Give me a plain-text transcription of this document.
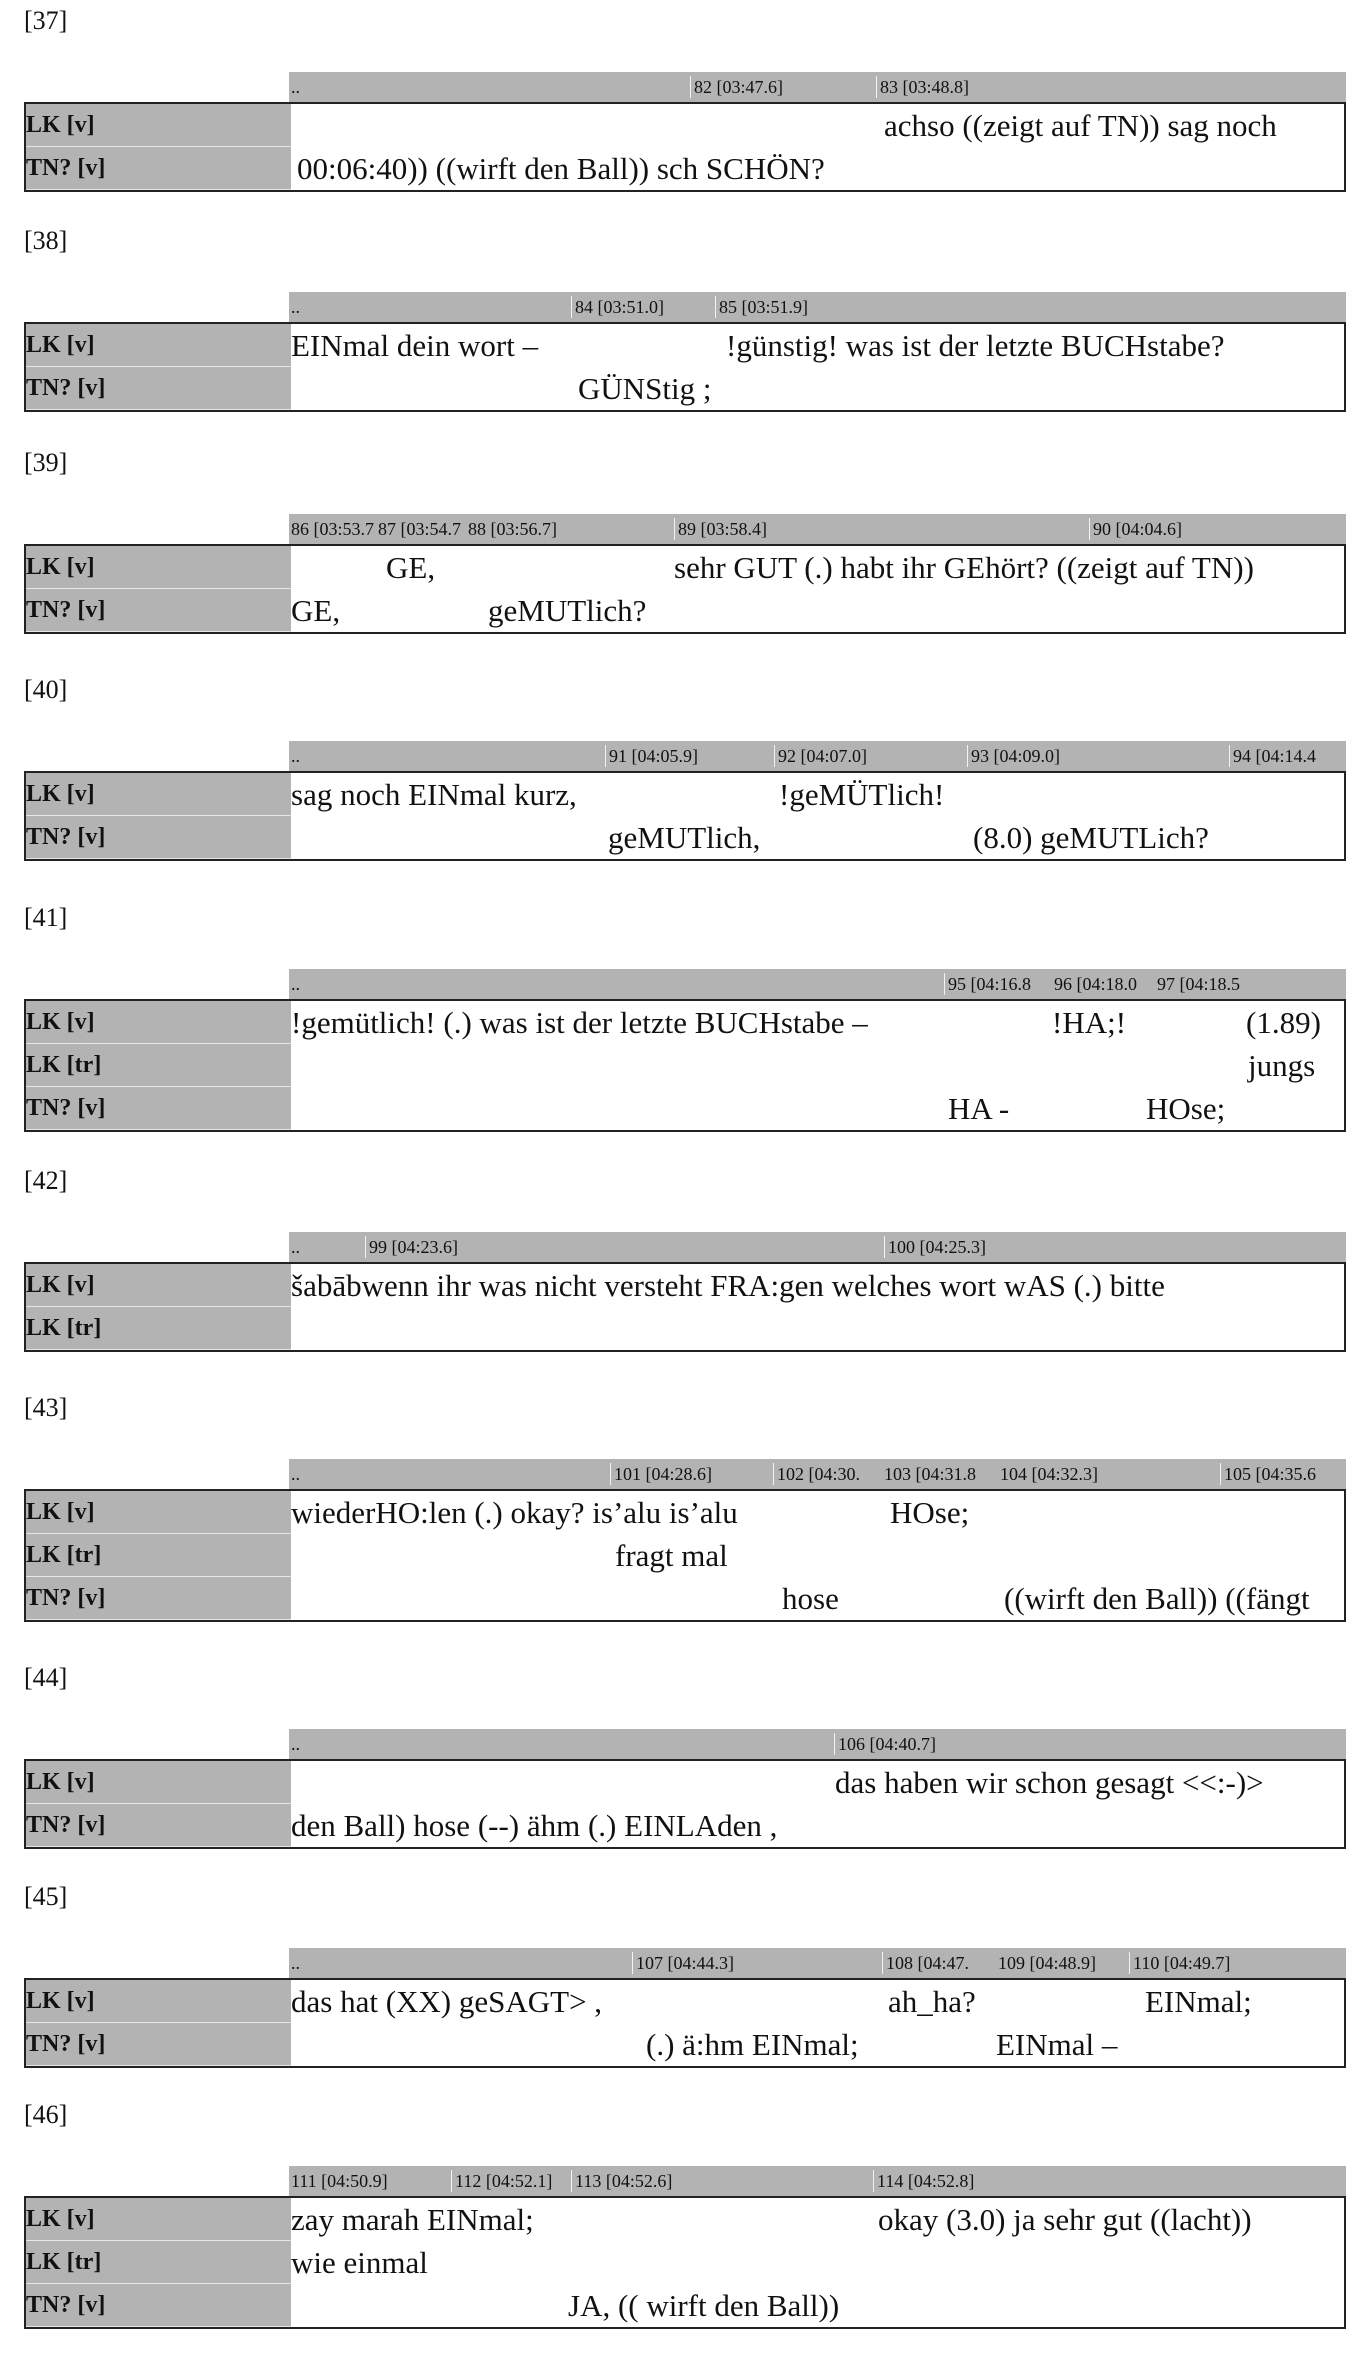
[37]
..	82 [03:47.6]	83 [03:48.8]
LK [v]	achso ((zeigt auf TN)) sag noch
TN? [v]	00:06:40)) ((wirft den Ball)) sch SCHÖN?
[38]
..	84 [03:51.0]	85 [03:51.9]
LK [v]	EINmal dein wort –	!günstig! was ist der letzte BUCHstabe?
TN? [v]	GÜNStig ;
[39]
86 [03:53.7 87 [03:54.7 88 [03:56.7]	89 [03:58.4]	90 [04:04.6]
LK [v]	GE,	sehr GUT (.) habt ihr GEhört? ((zeigt auf TN))
TN? [v]	GE,	geMUTlich?
[40]
..	91 [04:05.9]	92 [04:07.0]	93 [04:09.0]	94 [04:14.4
LK [v]	sag noch EINmal kurz,	!geMÜTlich!
TN? [v]	geMUTlich,	(8.0) geMUTLich?
[41]
..	95 [04:16.8 96 [04:18.0 97 [04:18.5
LK [v]	!gemütlich! (.) was ist der letzte BUCHstabe –	!HA;!	(1.89)
LK [tr]	jungs
TN? [v]	HA -	HOse;
[42]
..	99 [04:23.6]	100 [04:25.3]
LK [v]	šabābwenn ihr was nicht versteht FRA:gen welches wort wAS (.) bitte
LK [tr]
[43]
..	101 [04:28.6]	102 [04:30. 103 [04:31.8 104 [04:32.3]	105 [04:35.6
LK [v]	wiederHO:len (.) okay? is’alu is’alu	HOse;
LK [tr]	fragt mal
TN? [v]	hose	((wirft den Ball)) ((fängt
[44]
..	106 [04:40.7]
LK [v]	das haben wir schon gesagt <<:-)>
TN? [v]	den Ball) hose (--) ähm (.) EINLAden ,
[45]
..	107 [04:44.3]	108 [04:47. 109 [04:48.9] 110 [04:49.7]
LK [v]	das hat (XX) geSAGT> ,	ah_ha?	EINmal;
TN? [v]	(.) ä:hm EINmal;	EINmal –
[46]
111 [04:50.9]	112 [04:52.1] 113 [04:52.6]	114 [04:52.8]
LK [v]	zay marah EINmal;	okay (3.0) ja sehr gut ((lacht))
LK [tr]	wie einmal
TN? [v]	JA, (( wirft den Ball))
